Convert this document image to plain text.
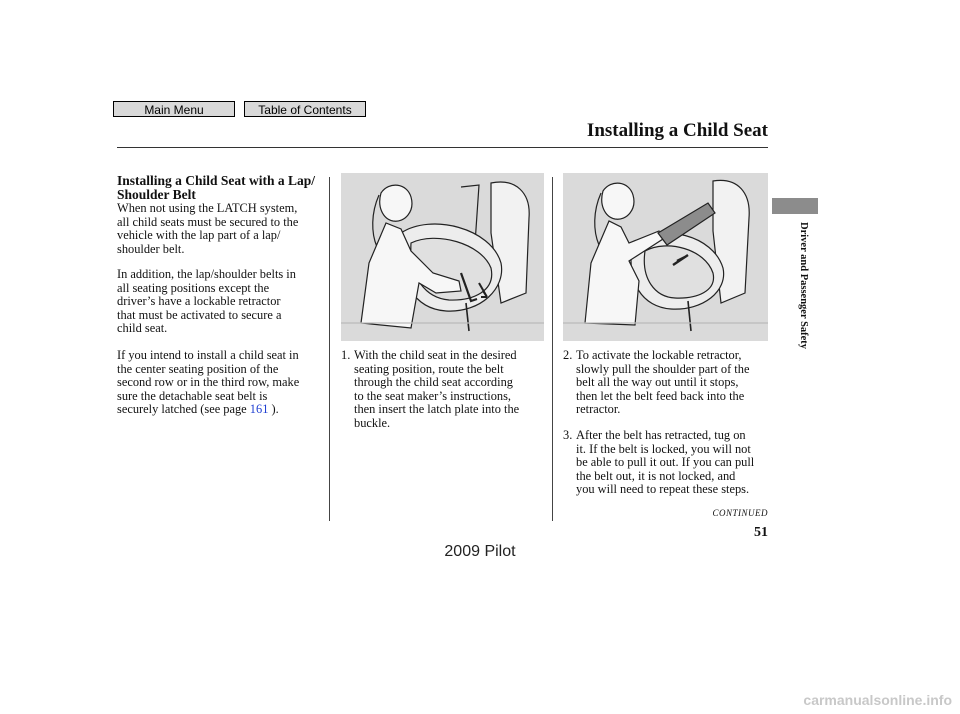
Main Menu	Table of Contents
Installing a Child Seat
Driver and Passenger Safety
Installing a Child Seat with a Lap/
Shoulder Belt
When not using the LATCH system,
all child seats must be secured to the
vehicle with the lap part of a lap/
shoulder belt.
In addition, the lap/shoulder belts in
all seating positions except the
driver’s have a lockable retractor
that must be activated to secure a
child seat.
If you intend to install a child seat in
the center seating position of the
second row or in the third row, make
sure the detachable seat belt is
securely latched (see page 161 ).
1. With the child seat in the desired
seating position, route the belt
through the child seat according
to the seat maker’s instructions,
then insert the latch plate into the
buckle.
2. To activate the lockable retractor,
slowly pull the shoulder part of the
belt all the way out until it stops,
then let the belt feed back into the
retractor.
3. After the belt has retracted, tug on
it. If the belt is locked, you will not
be able to pull it out. If you can pull
the belt out, it is not locked, and
you will need to repeat these steps.
CONTINUED
51
2009 Pilot
carmanualsonline.info
